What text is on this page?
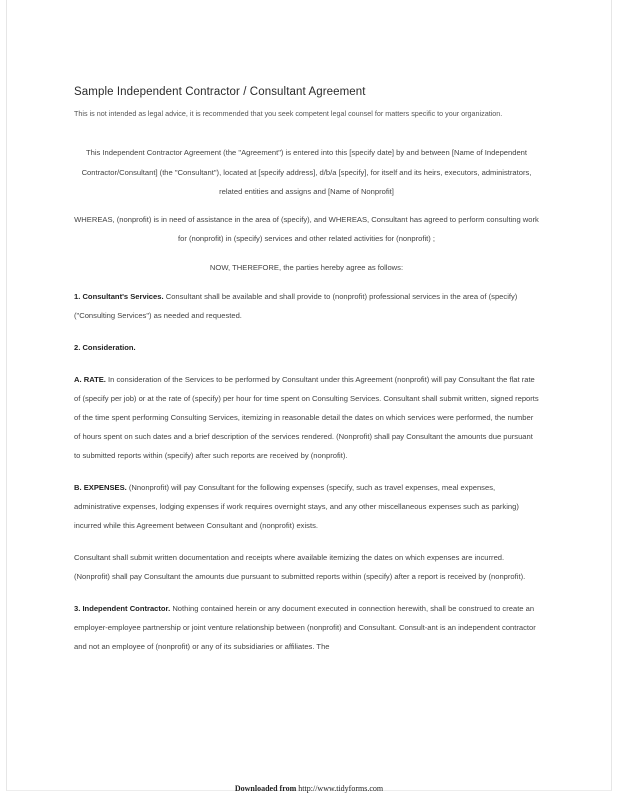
Sample Independent Contractor / Consultant Agreement

This is not intended as legal advice, it is recommended that you seek competent legal counsel for matters specific to your organization.

This Independent Contractor Agreement (the "Agreement") is entered into this [specify date] by and between [Name of Independent Contractor/Consultant] (the "Consultant"), located at [specify address], d/b/a [specify], for itself and its heirs, executors, administrators, related entities and assigns and [Name of Nonprofit]
WHEREAS, (nonprofit) is in need of assistance in the area of (specify), and WHEREAS, Consultant has agreed to perform consulting work for (nonprofit) in (specify) services and other related activities for (nonprofit) ;
NOW, THEREFORE, the parties hereby agree as follows:

1. Consultant's Services. Consultant shall be available and shall provide to (nonprofit) professional services in the area of (specify) ("Consulting Services") as needed and requested.

2. Consideration.

A. RATE. In consideration of the Services to be performed by Consultant under this Agreement (nonprofit) will pay Consultant the flat rate of (specify per job) or at the rate of (specify) per hour for time spent on Consulting Services. Consultant shall submit written, signed reports of the time spent performing Consulting Services, itemizing in reasonable detail the dates on which services were performed, the number of hours spent on such dates and a brief description of the services rendered. (Nonprofit) shall pay Consultant the amounts due pursuant to submitted reports within (specify) after such reports are received by (nonprofit).

B. EXPENSES. (Nnonprofit) will pay Consultant for the following expenses (specify, such as travel expenses, meal expenses, administrative expenses, lodging expenses if work requires overnight stays, and any other miscellaneous expenses such as parking) incurred while this Agreement between Consultant and (nonprofit) exists.

Consultant shall submit written documentation and receipts where available itemizing the dates on which expenses are incurred. (Nonprofit) shall pay Consultant the amounts due pursuant to submitted reports within (specify) after a report is received by (nonprofit).

3. Independent Contractor. Nothing contained herein or any document executed in connection herewith, shall be construed to create an employer-employee partnership or joint venture relationship between (nonprofit) and Consultant. Consult-ant is an independent contractor and not an employee of (nonprofit) or any of its subsidiaries or affiliates. The

Downloaded from http://www.tidyforms.com
